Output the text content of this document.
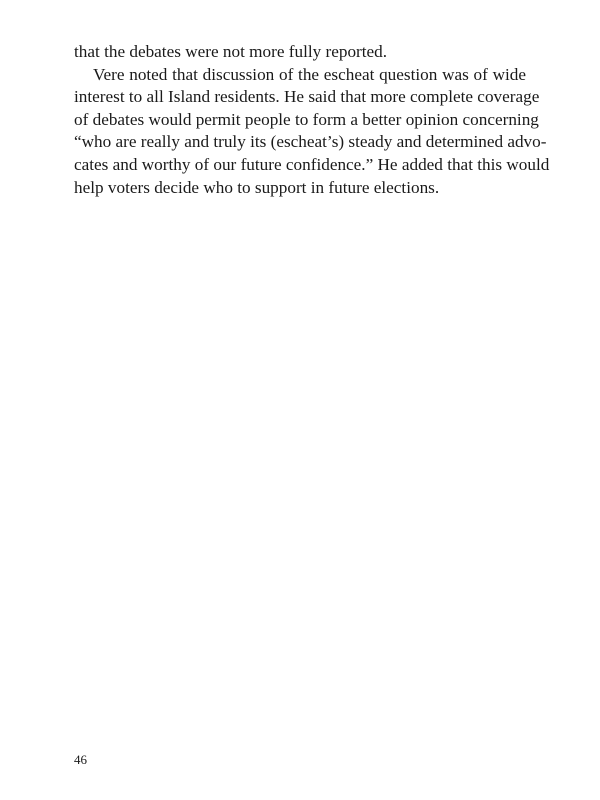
that the debates were not more fully reported.

Vere noted that discussion of the escheat question was of wide
interest to all Island residents. He said that more complete coverage
of debates would permit people to form a better opinion concerning
“who are really and truly its (escheat’s) steady and determined advo-
cates and worthy of our future confidence.” He added that this would
help voters decide who to support in future elections.

46
